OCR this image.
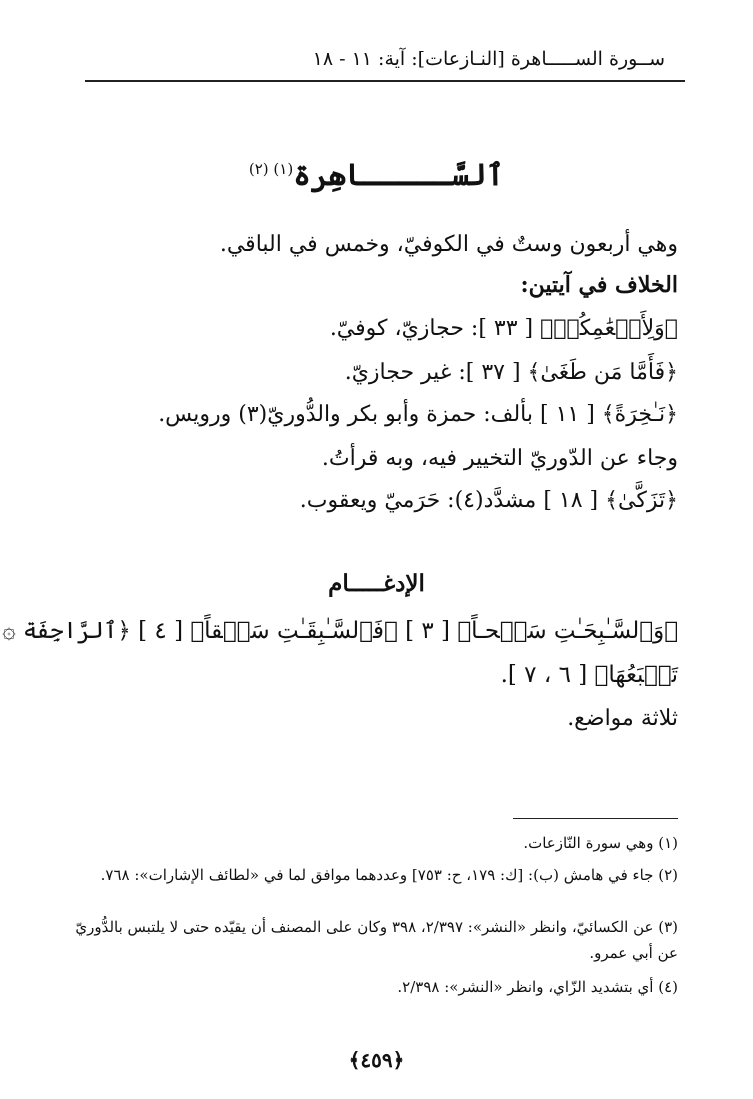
ســورة الســـــاهرة [النـازعات]: آية: ١١ - ١٨
ٱلسَّـــــاهِرة$^{(١) (٢)}$
وهي أربعون وستٌ في الكوفيّ، وخمس في الباقي.
الخلاف في آيتين:
﴿وَلِأَنۡعَٰمِكُمۡ﴾ [ ٣٣ ]: حجازيّ، كوفيّ.
﴿فَأَمَّا مَن طَغَىٰ﴾ [ ٣٧ ]: غير حجازيّ.
﴿نَـٰخِرَةً﴾ [ ١١ ] بألف: حمزة وأبو بكر والدُّوريّ(٣) ورويس.
وجاء عن الدّوريّ التخيير فيه، وبه قرأتُ.
﴿تَزَكَّىٰ﴾ [ ١٨ ] مشدَّد(٤): حَرَميّ ويعقوب.
الإدغـــــام
﴿وَٱلسَّـٰبِحَـٰتِ سَبۡحـاً﴾ [ ٣ ] ﴿فَٱلسَّـٰبِقَـٰتِ سَبۡقاً﴾ [ ٤ ] ﴿ٱلرَّاجِفَة ۞
تَتۡبَعُهَا﴾ [ ٦ ، ٧ ].
ثلاثة مواضع.
(١) وهي سورة النّازعات.
(٢) جاء في هامش (ب): [ك: ١٧٩، ح: ٧٥٣] وعددهما موافق لما في «لطائف الإشارات»: ٧٦٨.
(٣) عن الكسائيّ، وانظر «النشر»: ٢/٣٩٧، ٣٩٨ وكان على المصنف أن يقيّده حتى لا يلتبس بالدُّوريّ عن أبي عمرو.
(٤) أي بتشديد الزّاي، وانظر «النشر»: ٢/٣٩٨.
﴿٤٥٩﴾
